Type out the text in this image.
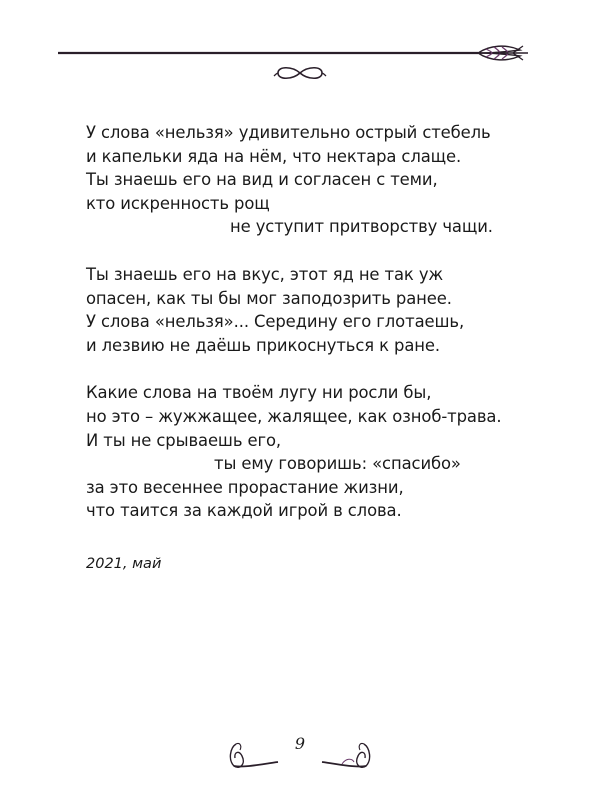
У слова «нельзя» удивительно острый стебель
и капельки яда на нём, что нектара слаще.
Ты знаешь его на вид и согласен с теми,
кто искренность рощ
не уступит притворству чащи.
Ты знаешь его на вкус, этот яд не так уж
опасен, как ты бы мог заподозрить ранее.
У слова «нельзя»... Середину его глотаешь,
и лезвию не даёшь прикоснуться к ране.
Какие слова на твоём лугу ни росли бы,
но это – жужжащее, жалящее, как озноб-трава.
И ты не срываешь его,
ты ему говоришь: «спасибо»
за это весеннее прорастание жизни,
что таится за каждой игрой в слова.
2021, май
9
